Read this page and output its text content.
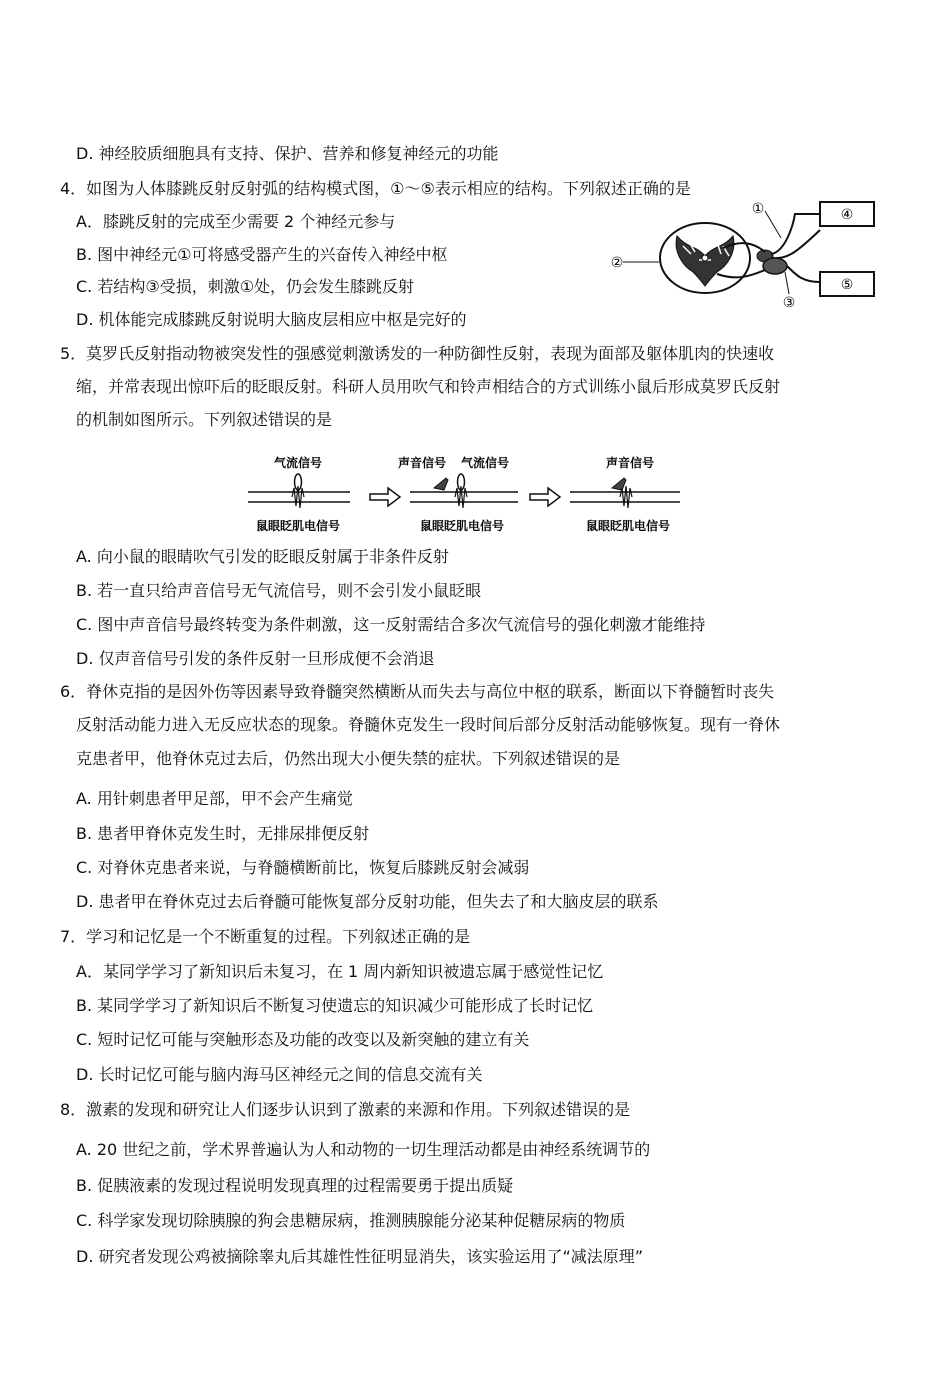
D. 神经胶质细胞具有支持、保护、营养和修复神经元的功能
4．如图为人体膝跳反射反射弧的结构模式图，①～⑤表示相应的结构。下列叙述正确的是
A．膝跳反射的完成至少需要 2 个神经元参与
B. 图中神经元①可将感受器产生的兴奋传入神经中枢
C. 若结构③受损，刺激①处，仍会发生膝跳反射
D. 机体能完成膝跳反射说明大脑皮层相应中枢是完好的
①
②
③
④
⑤
5．莫罗氏反射指动物被突发性的强感觉刺激诱发的一种防御性反射，表现为面部及躯体肌肉的快速收
缩，并常表现出惊吓后的眨眼反射。科研人员用吹气和铃声相结合的方式训练小鼠后形成莫罗氏反射
的机制如图所示。下列叙述错误的是
气流信号
鼠眼眨肌电信号
声音信号 气流信号
鼠眼眨肌电信号
声音信号
鼠眼眨肌电信号
A. 向小鼠的眼睛吹气引发的眨眼反射属于非条件反射
B. 若一直只给声音信号无气流信号，则不会引发小鼠眨眼
C. 图中声音信号最终转变为条件刺激，这一反射需结合多次气流信号的强化刺激才能维持
D. 仅声音信号引发的条件反射一旦形成便不会消退
6．脊休克指的是因外伤等因素导致脊髓突然横断从而失去与高位中枢的联系，断面以下脊髓暂时丧失
反射活动能力进入无反应状态的现象。脊髓休克发生一段时间后部分反射活动能够恢复。现有一脊休
克患者甲，他脊休克过去后，仍然出现大小便失禁的症状。下列叙述错误的是
A. 用针刺患者甲足部，甲不会产生痛觉
B. 患者甲脊休克发生时，无排尿排便反射
C. 对脊休克患者来说，与脊髓横断前比，恢复后膝跳反射会减弱
D. 患者甲在脊休克过去后脊髓可能恢复部分反射功能，但失去了和大脑皮层的联系
7．学习和记忆是一个不断重复的过程。下列叙述正确的是
A．某同学学习了新知识后未复习，在 1 周内新知识被遗忘属于感觉性记忆
B. 某同学学习了新知识后不断复习使遗忘的知识减少可能形成了长时记忆
C. 短时记忆可能与突触形态及功能的改变以及新突触的建立有关
D. 长时记忆可能与脑内海马区神经元之间的信息交流有关
8．激素的发现和研究让人们逐步认识到了激素的来源和作用。下列叙述错误的是
A. 20 世纪之前，学术界普遍认为人和动物的一切生理活动都是由神经系统调节的
B. 促胰液素的发现过程说明发现真理的过程需要勇于提出质疑
C. 科学家发现切除胰腺的狗会患糖尿病，推测胰腺能分泌某种促糖尿病的物质
D. 研究者发现公鸡被摘除睾丸后其雄性性征明显消失，该实验运用了“减法原理”
